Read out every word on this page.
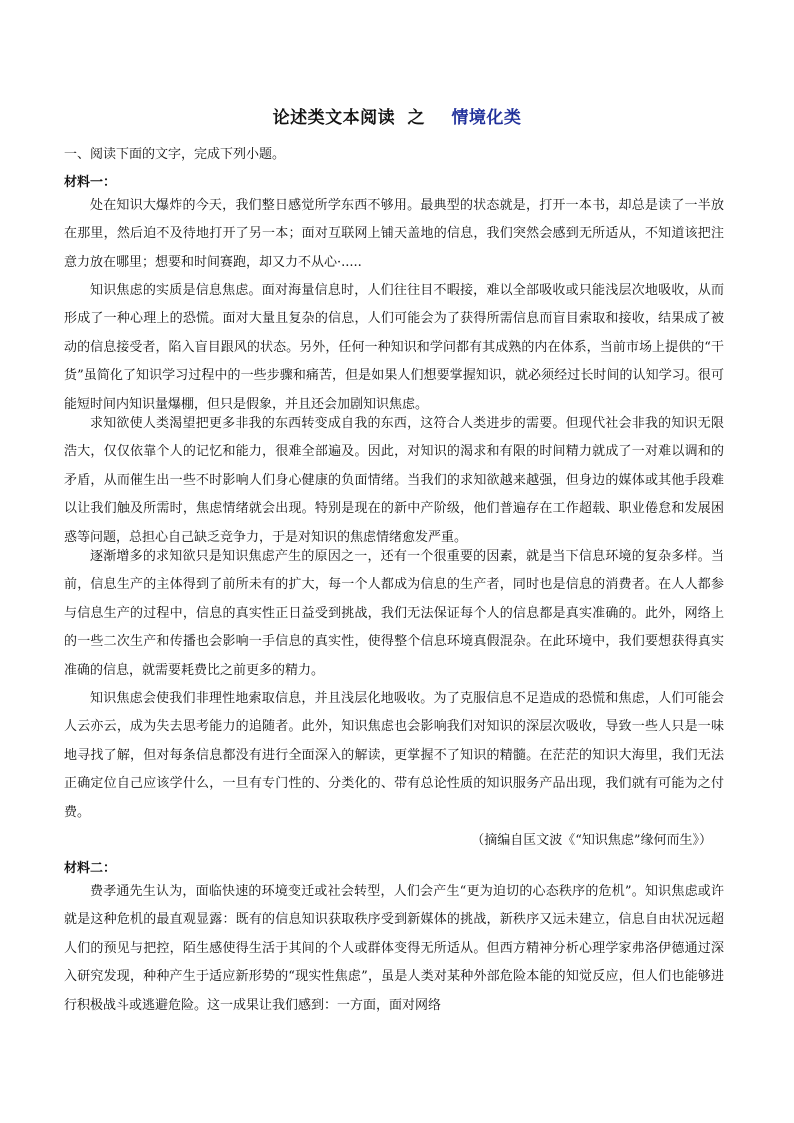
论述类文本阅读 之 情境化类
一、阅读下面的文字，完成下列小题。
材料一：
处在知识大爆炸的今天，我们整日感觉所学东西不够用。最典型的状态就是，打开一本书，却总是读了一半放在那里，然后迫不及待地打开了另一本；面对互联网上铺天盖地的信息，我们突然会感到无所适从，不知道该把注意力放在哪里；想要和时间赛跑，却又力不从心·.....
知识焦虑的实质是信息焦虑。面对海量信息时，人们往往目不暇接，难以全部吸收或只能浅层次地吸收，从而形成了一种心理上的恐慌。面对大量且复杂的信息，人们可能会为了获得所需信息而盲目索取和接收，结果成了被动的信息接受者，陷入盲目跟风的状态。另外，任何一种知识和学问都有其成熟的内在体系，当前市场上提供的“干货”虽简化了知识学习过程中的一些步骤和痛苦，但是如果人们想要掌握知识，就必须经过长时间的认知学习。很可能短时间内知识量爆棚，但只是假象，并且还会加剧知识焦虑。
求知欲使人类渴望把更多非我的东西转变成自我的东西，这符合人类进步的需要。但现代社会非我的知识无限浩大，仅仅依靠个人的记忆和能力，很难全部遍及。因此，对知识的渴求和有限的时间精力就成了一对难以调和的矛盾，从而催生出一些不时影响人们身心健康的负面情绪。当我们的求知欲越来越强，但身边的媒体或其他手段难以让我们触及所需时，焦虑情绪就会出现。特别是现在的新中产阶级，他们普遍存在工作超载、职业倦怠和发展困惑等问题，总担心自己缺乏竞争力，于是对知识的焦虑情绪愈发严重。
逐渐增多的求知欲只是知识焦虑产生的原因之一，还有一个很重要的因素，就是当下信息环境的复杂多样。当前，信息生产的主体得到了前所未有的扩大，每一个人都成为信息的生产者，同时也是信息的消费者。在人人都参与信息生产的过程中，信息的真实性正日益受到挑战，我们无法保证每个人的信息都是真实准确的。此外，网络上的一些二次生产和传播也会影响一手信息的真实性，使得整个信息环境真假混杂。在此环境中，我们要想获得真实准确的信息，就需要耗费比之前更多的精力。
知识焦虑会使我们非理性地索取信息，并且浅层化地吸收。为了克服信息不足造成的恐慌和焦虑，人们可能会人云亦云，成为失去思考能力的追随者。此外，知识焦虑也会影响我们对知识的深层次吸收，导致一些人只是一味地寻找了解，但对每条信息都没有进行全面深入的解读，更掌握不了知识的精髓。在茫茫的知识大海里，我们无法正确定位自己应该学什么，一旦有专门性的、分类化的、带有总论性质的知识服务产品出现，我们就有可能为之付费。
（摘编自匡文波《“知识焦虑”缘何而生》）
材料二：
费孝通先生认为，面临快速的环境变迁或社会转型，人们会产生“更为迫切的心态秩序的危机”。知识焦虑或许就是这种危机的最直观显露：既有的信息知识获取秩序受到新媒体的挑战，新秩序又远未建立，信息自由状况远超人们的预见与把控，陌生感使得生活于其间的个人或群体变得无所适从。但西方精神分析心理学家弗洛伊德通过深入研究发现，种种产生于适应新形势的“现实性焦虑”，虽是人类对某种外部危险本能的知觉反应，但人们也能够进行积极战斗或逃避危险。这一成果让我们感到：一方面，面对网络
